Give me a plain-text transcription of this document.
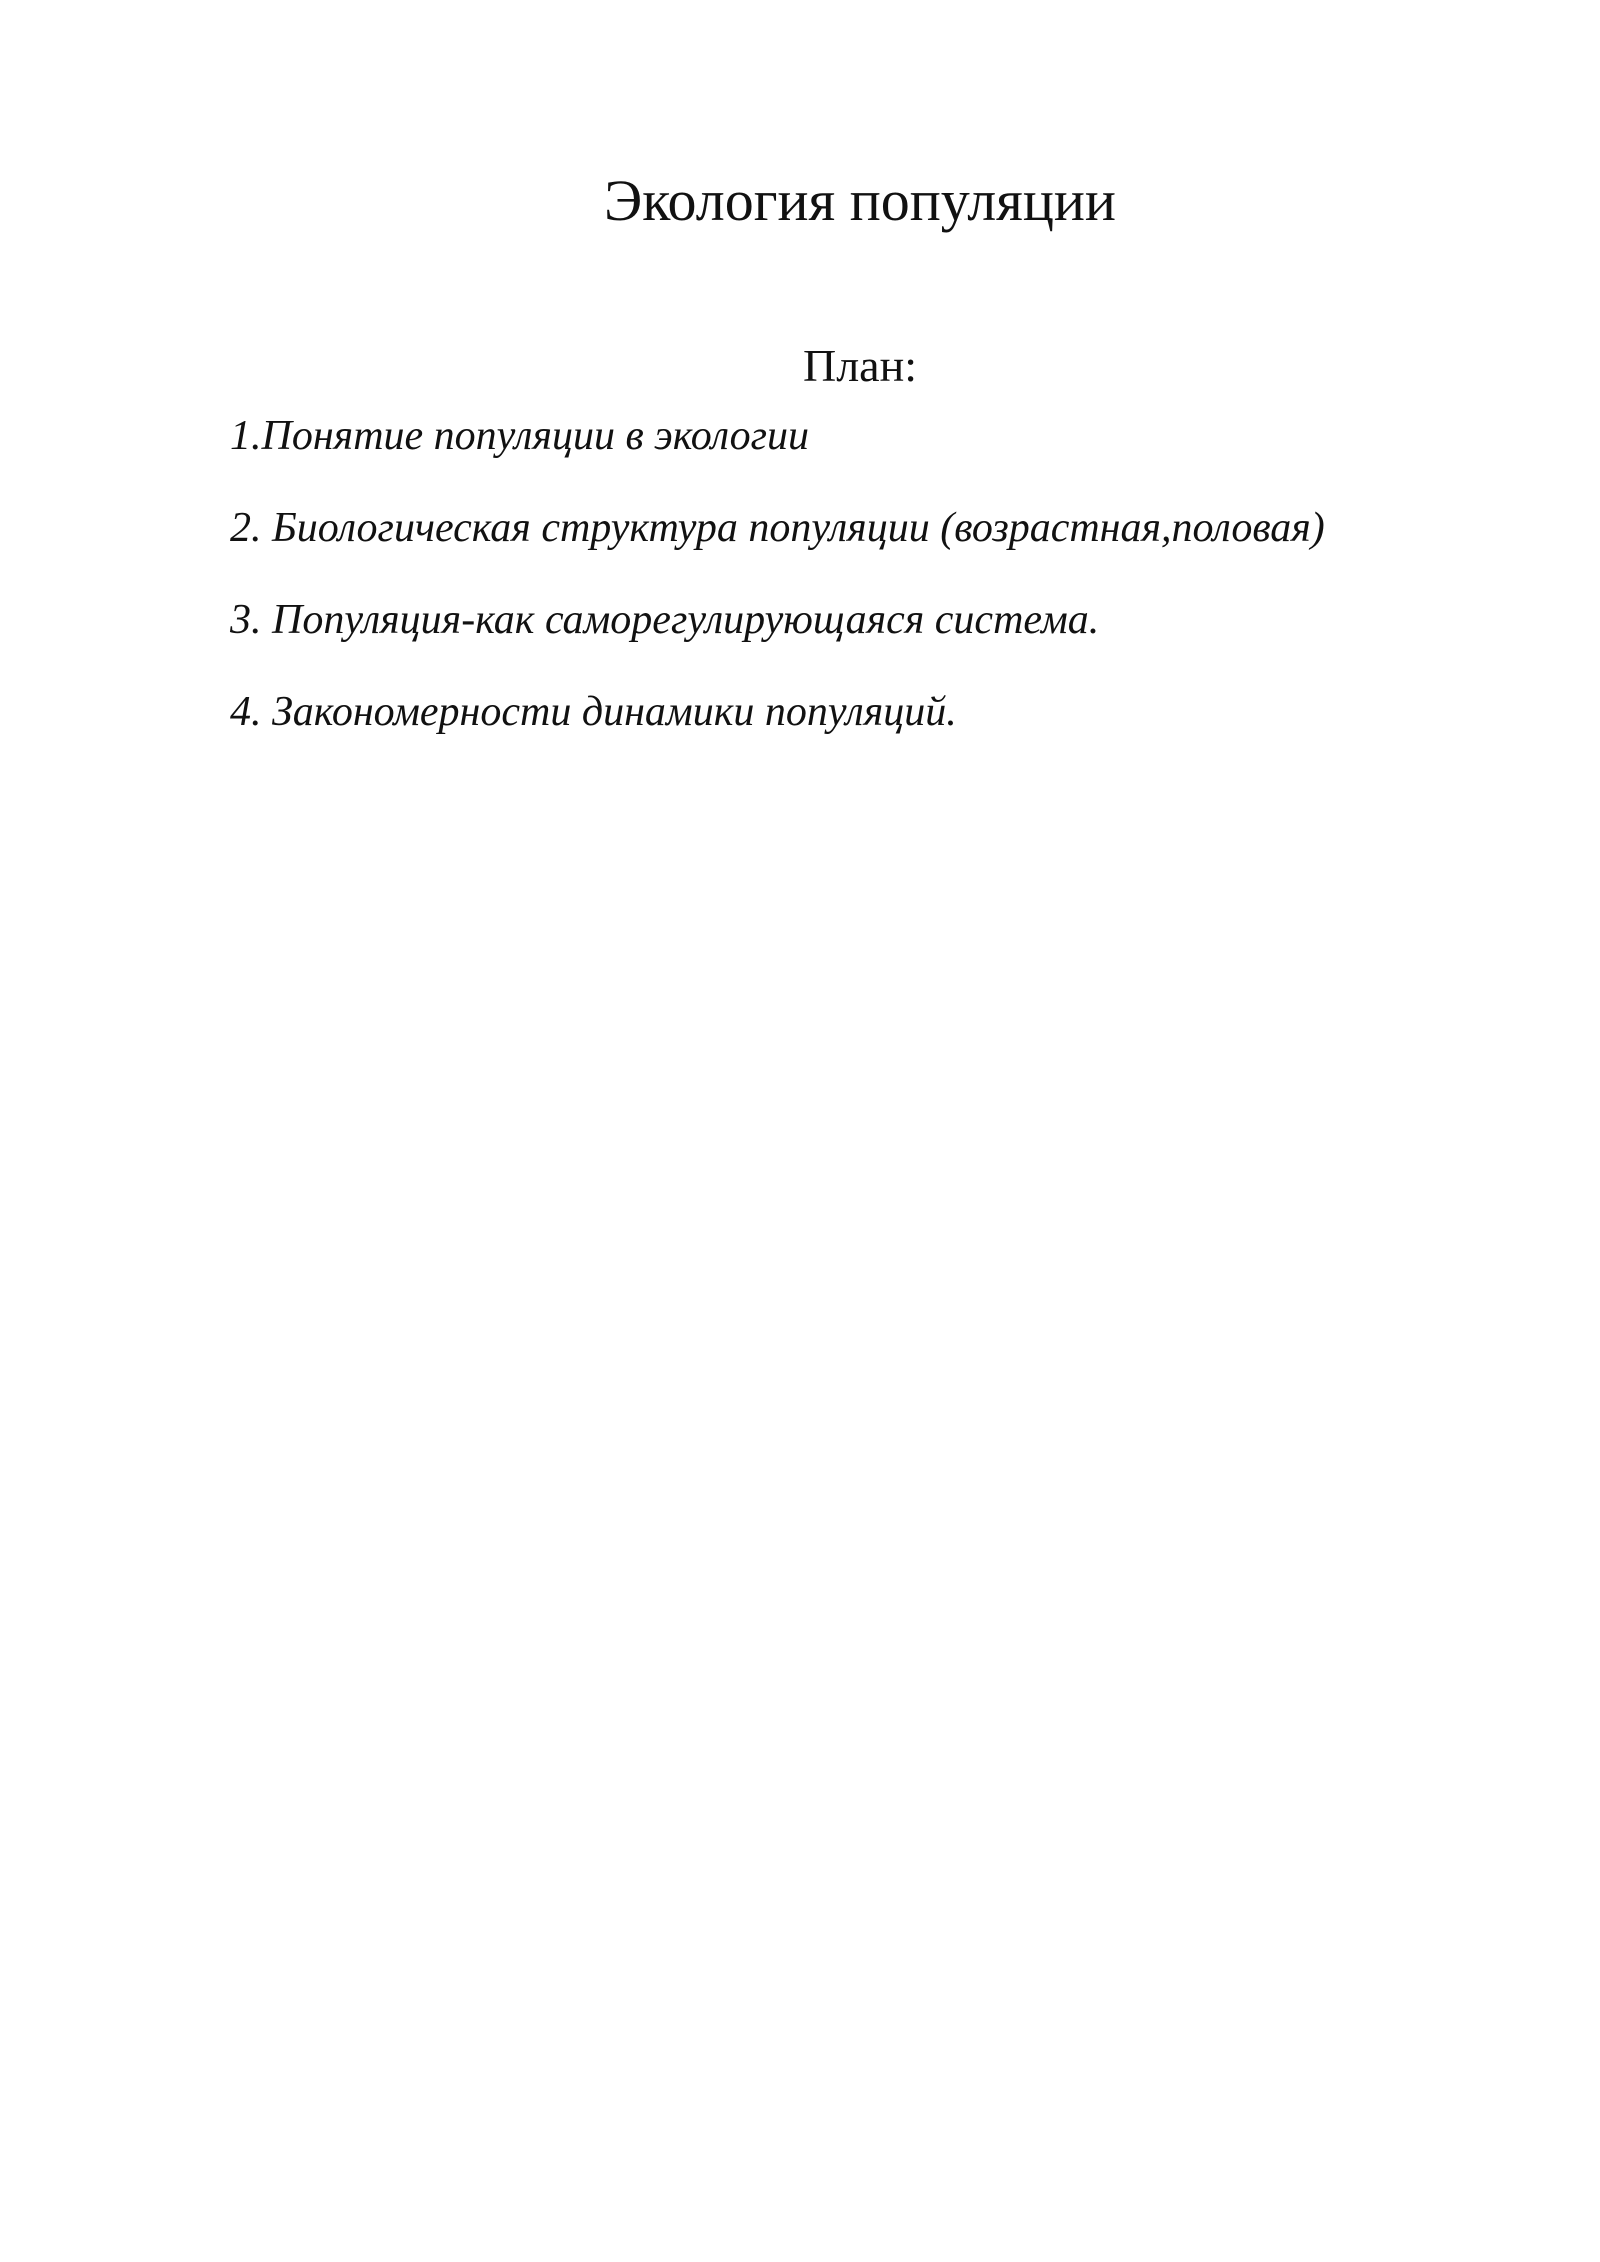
Экология популяции
План:
1.Понятие популяции в экологии
2. Биологическая структура популяции (возрастная,половая)
3. Популяция-как саморегулирующаяся система.
4. Закономерности динамики популяций.
